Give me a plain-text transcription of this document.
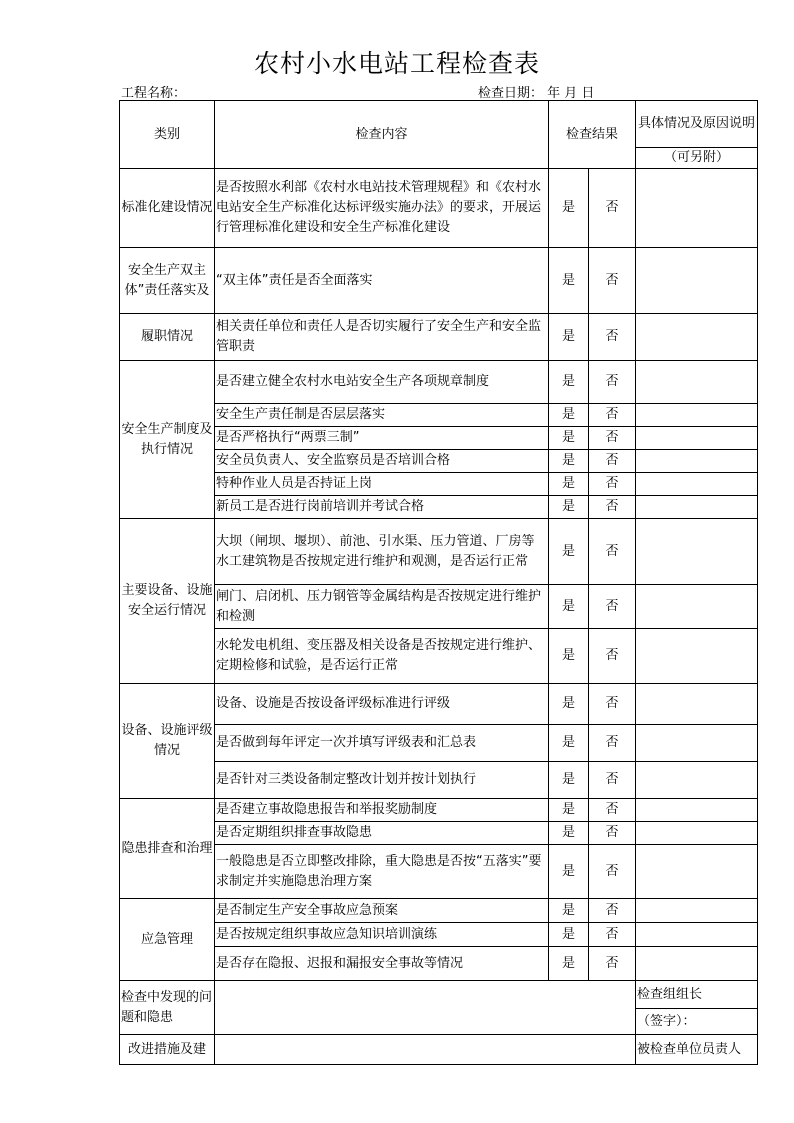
农村小水电站工程检查表
工程名称：	检查日期： 年 月 日
类别	检查内容	检查结果		具体情况及原因说明
				（可另附）
标准化建设情况	是否按照水利部《农村水电站技术管理规程》和《农村水电站安全生产标准化达标评级实施办法》的要求，开展运行管理标准化建设和安全生产标准化建设	是	否	
安全生产双主体”责任落实及	“双主体”责任是否全面落实	是	否	
履职情况	相关责任单位和责任人是否切实履行了安全生产和安全监管职责	是	否	
安全生产制度及执行情况	是否建立健全农村水电站安全生产各项规章制度	是	否	
	安全生产责任制是否层层落实	是	否	
	是否严格执行“两票三制”	是	否	
	安全员负责人、安全监察员是否培训合格	是	否	
	特种作业人员是否持证上岗	是	否	
	新员工是否进行岗前培训并考试合格	是	否	
主要设备、设施安全运行情况	大坝（闸坝、堰坝）、前池、引水渠、压力管道、厂房等水工建筑物是否按规定进行维护和观测，是否运行正常	是	否	
	闸门、启闭机、压力钢管等金属结构是否按规定进行维护和检测	是	否	
	水轮发电机组、变压器及相关设备是否按规定进行维护、定期检修和试验，是否运行正常	是	否	
设备、设施评级情况	设备、设施是否按设备评级标准进行评级	是	否	
	是否做到每年评定一次并填写评级表和汇总表	是	否	
	是否针对三类设备制定整改计划并按计划执行	是	否	
隐患排查和治理	是否建立事故隐患报告和举报奖励制度	是	否	
	是否定期组织排查事故隐患	是	否	
	一般隐患是否立即整改排除，重大隐患是否按“五落实”要求制定并实施隐患治理方案	是	否	
应急管理	是否制定生产安全事故应急预案	是	否	
	是否按规定组织事故应急知识培训演练	是	否	
	是否存在隐报、迟报和漏报安全事故等情况	是	否	
检查中发现的问题和隐患				检查组组长
				（签字）：
改进措施及建				被检查单位员责人
